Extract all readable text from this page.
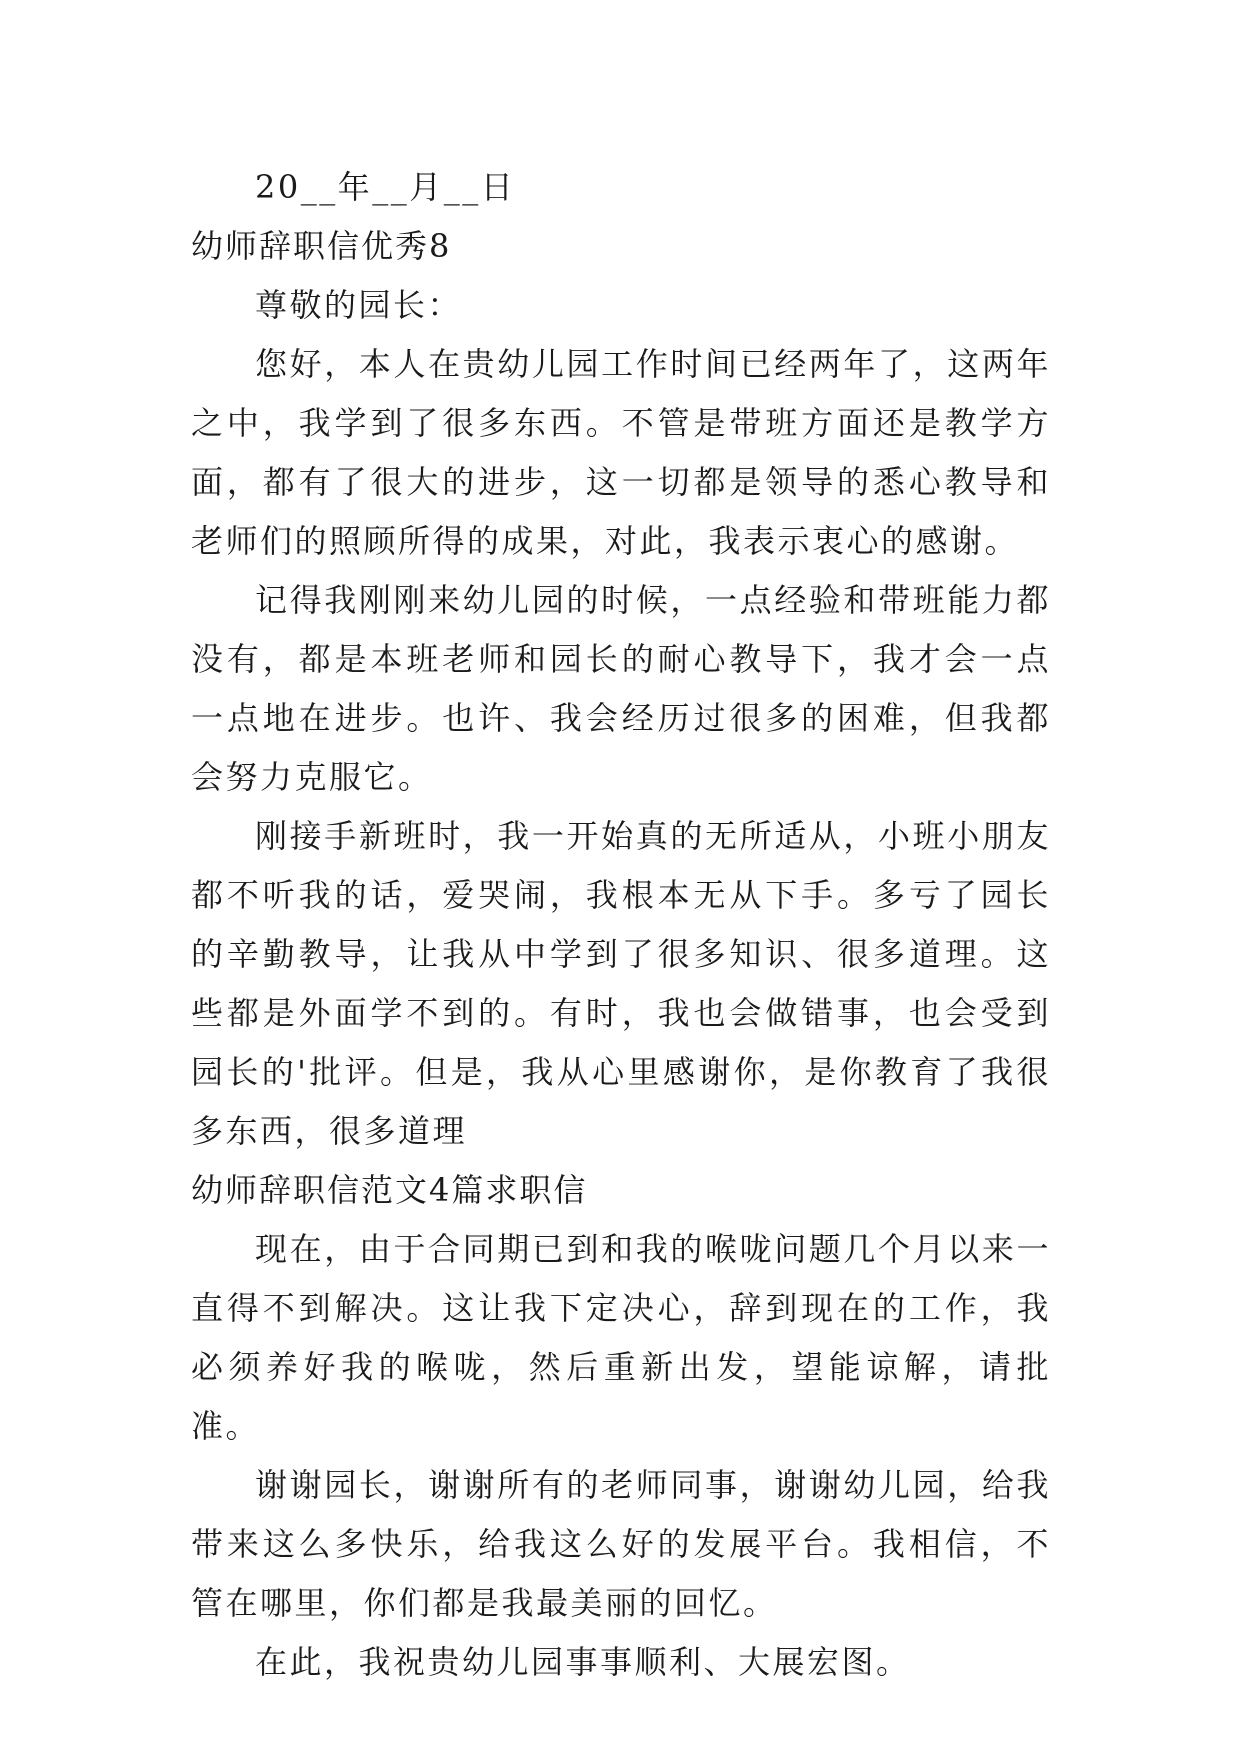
20__年__月__日
幼师辞职信优秀8
尊敬的园长：

您好，本人在贵幼儿园工作时间已经两年了，这两年之中，我学到了很多东西。不管是带班方面还是教学方面，都有了很大的进步，这一切都是领导的悉心教导和老师们的照顾所得的成果，对此，我表示衷心的感谢。

记得我刚刚来幼儿园的时候，一点经验和带班能力都没有，都是本班老师和园长的耐心教导下，我才会一点一点地在进步。也许、我会经历过很多的困难，但我都会努力克服它。

刚接手新班时，我一开始真的无所适从，小班小朋友都不听我的话，爱哭闹，我根本无从下手。多亏了园长的辛勤教导，让我从中学到了很多知识、很多道理。这些都是外面学不到的。有时，我也会做错事，也会受到园长的'批评。但是，我从心里感谢你，是你教育了我很多东西，很多道理

幼师辞职信范文4篇求职信

现在，由于合同期已到和我的喉咙问题几个月以来一直得不到解决。这让我下定决心，辞到现在的工作，我必须养好我的喉咙，然后重新出发，望能谅解，请批准。

谢谢园长，谢谢所有的老师同事，谢谢幼儿园，给我带来这么多快乐，给我这么好的发展平台。我相信，不管在哪里，你们都是我最美丽的回忆。

在此，我祝贵幼儿园事事顺利、大展宏图。
